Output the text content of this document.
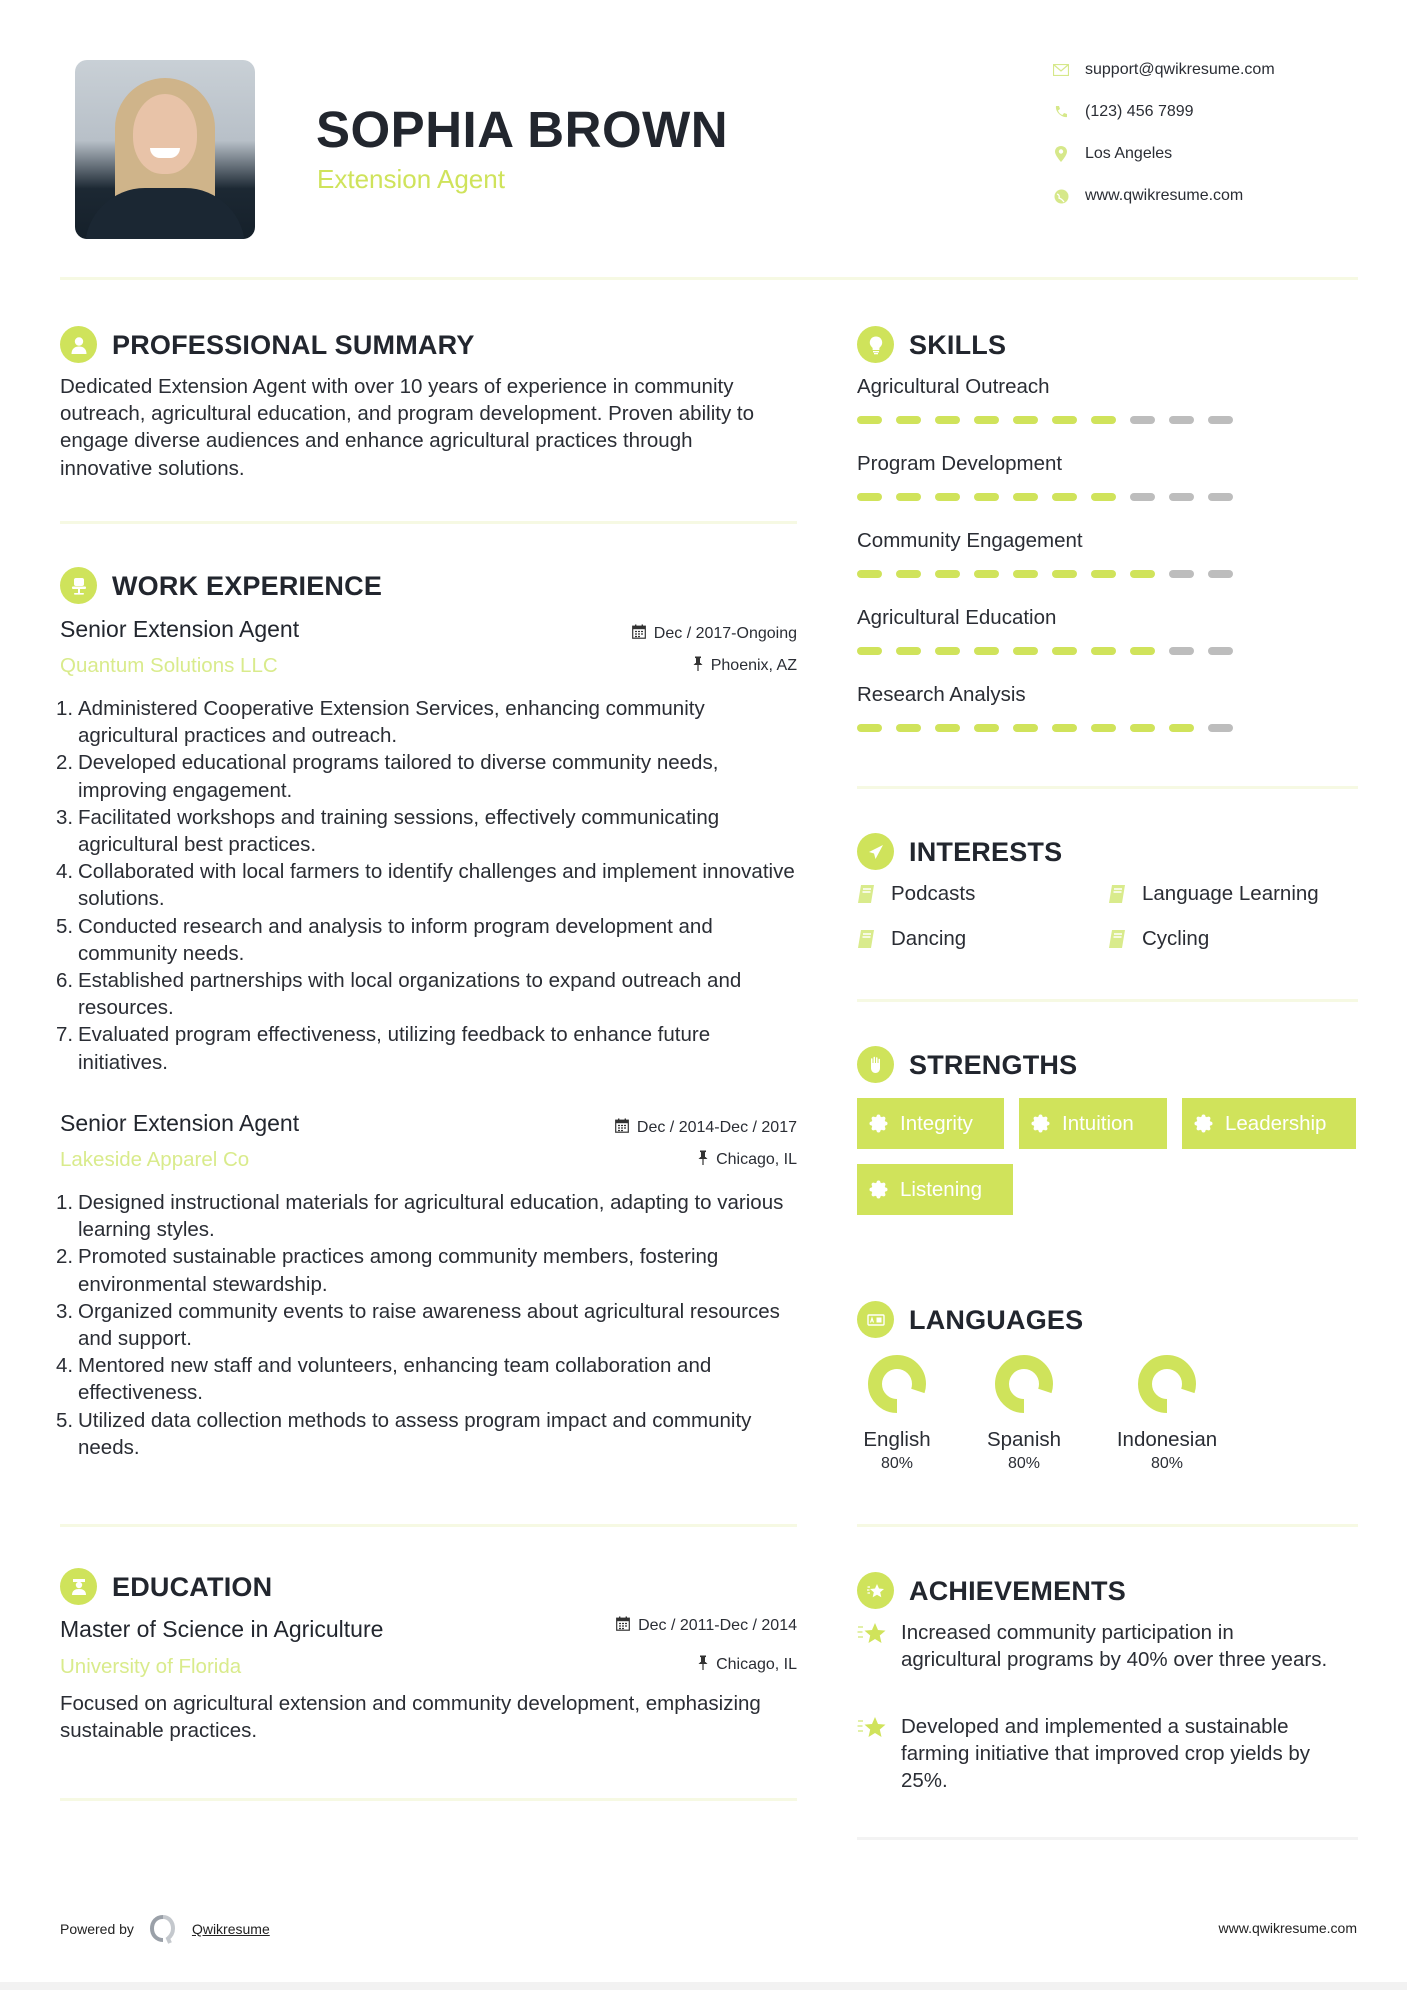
SOPHIA BROWN
Extension Agent
support@qwikresume.com
(123) 456 7899
Los Angeles
www.qwikresume.com
PROFESSIONAL SUMMARY
Dedicated Extension Agent with over 10 years of experience in community outreach, agricultural education, and program development. Proven ability to engage diverse audiences and enhance agricultural practices through innovative solutions.
WORK EXPERIENCE
Senior Extension Agent	Dec / 2017-Ongoing
Quantum Solutions LLC	Phoenix, AZ
1. Administered Cooperative Extension Services, enhancing community agricultural practices and outreach.
2. Developed educational programs tailored to diverse community needs, improving engagement.
3. Facilitated workshops and training sessions, effectively communicating agricultural best practices.
4. Collaborated with local farmers to identify challenges and implement innovative solutions.
5. Conducted research and analysis to inform program development and community needs.
6. Established partnerships with local organizations to expand outreach and resources.
7. Evaluated program effectiveness, utilizing feedback to enhance future initiatives.
Senior Extension Agent	Dec / 2014-Dec / 2017
Lakeside Apparel Co	Chicago, IL
1. Designed instructional materials for agricultural education, adapting to various learning styles.
2. Promoted sustainable practices among community members, fostering environmental stewardship.
3. Organized community events to raise awareness about agricultural resources and support.
4. Mentored new staff and volunteers, enhancing team collaboration and effectiveness.
5. Utilized data collection methods to assess program impact and community needs.
EDUCATION
Master of Science in Agriculture	Dec / 2011-Dec / 2014
University of Florida	Chicago, IL
Focused on agricultural extension and community development, emphasizing sustainable practices.
SKILLS
Agricultural Outreach
Program Development
Community Engagement
Agricultural Education
Research Analysis
INTERESTS
Podcasts	Language Learning
Dancing	Cycling
STRENGTHS
Integrity	Intuition	Leadership
Listening
LANGUAGES
English
80%
Spanish
80%
Indonesian
80%
ACHIEVEMENTS
Increased community participation in agricultural programs by 40% over three years.
Developed and implemented a sustainable farming initiative that improved crop yields by 25%.
Powered by	Qwikresume	www.qwikresume.com
